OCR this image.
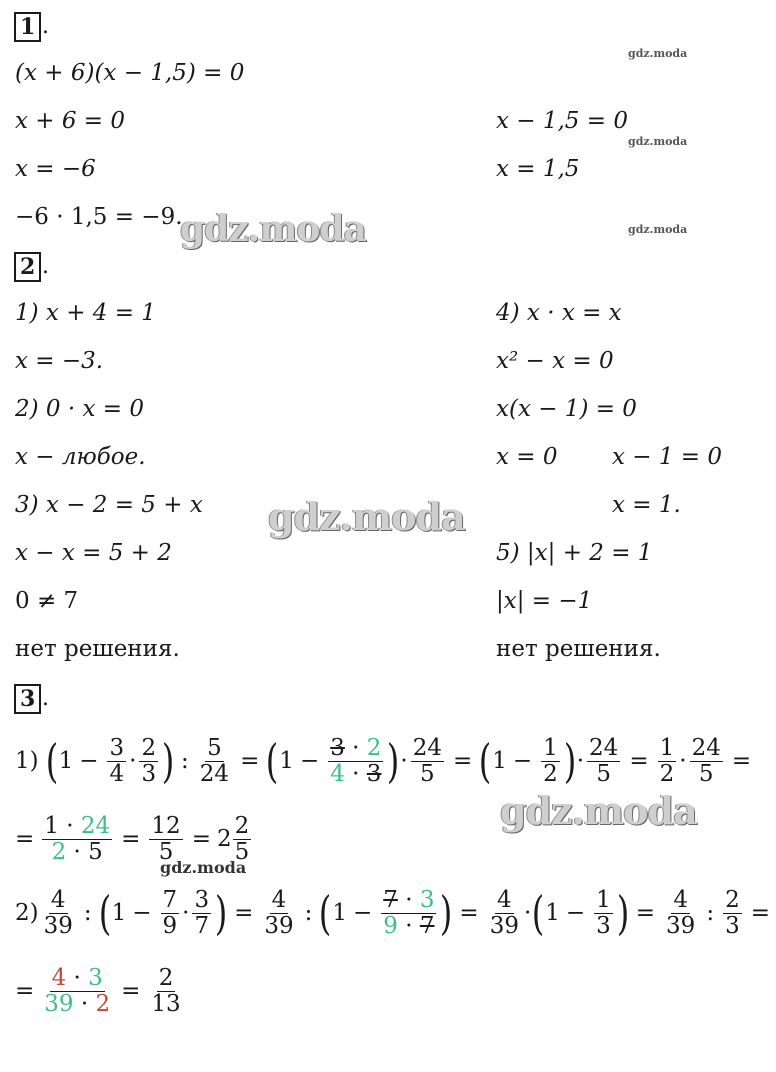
1 .
(x + 6)(x − 1,5) = 0
x + 6 = 0	x − 1,5 = 0
x = −6	x = 1,5
−6 · 1,5 = −9.
2 .
1) x + 4 = 1
x = −3.
2) 0 · x = 0
x − любое.
3) x − 2 = 5 + x
x − x = 5 + 2
0 ≠ 7
нет решения.
4) x · x = x
x² − x = 0
x(x − 1) = 0
x = 0 x − 1 = 0
x = 1.
5) |x| + 2 = 1
|x| = −1
нет решения.
3 .
1) ( $1 - \frac{3}{4} \cdot \frac{2}{3}$ ) : $\frac{5}{24}$ = ( $1 - \frac{3 \cdot 2}{4 \cdot 3}$ ) · $\frac{24}{5}$ = ( $1 - \frac{1}{2}$ ) · $\frac{24}{5} = \frac{1}{2} \cdot \frac{24}{5}$ =
= $\frac{1 \cdot 24}{2 \cdot 5} = \frac{12}{5} = 2 \frac{2}{5}$
$2) \frac{4}{39}$ : ( $1 - \frac{7}{9} \cdot \frac{3}{7}$ ) = $\frac{4}{39}$ : ( $1 - \frac{7 \cdot 3}{9 \cdot 7}$ ) = $\frac{4}{39}$ · ( $1 - \frac{1}{3}$ ) = $\frac{4}{39}$ : $\frac{2}{3}$ =
= $\frac{4 \cdot 3}{39 \cdot 2} = \frac{2}{13}$
gdz.moda
gdz.moda
gdz.moda
gdz.moda
gdz.moda
gdz.moda
gdz.moda
